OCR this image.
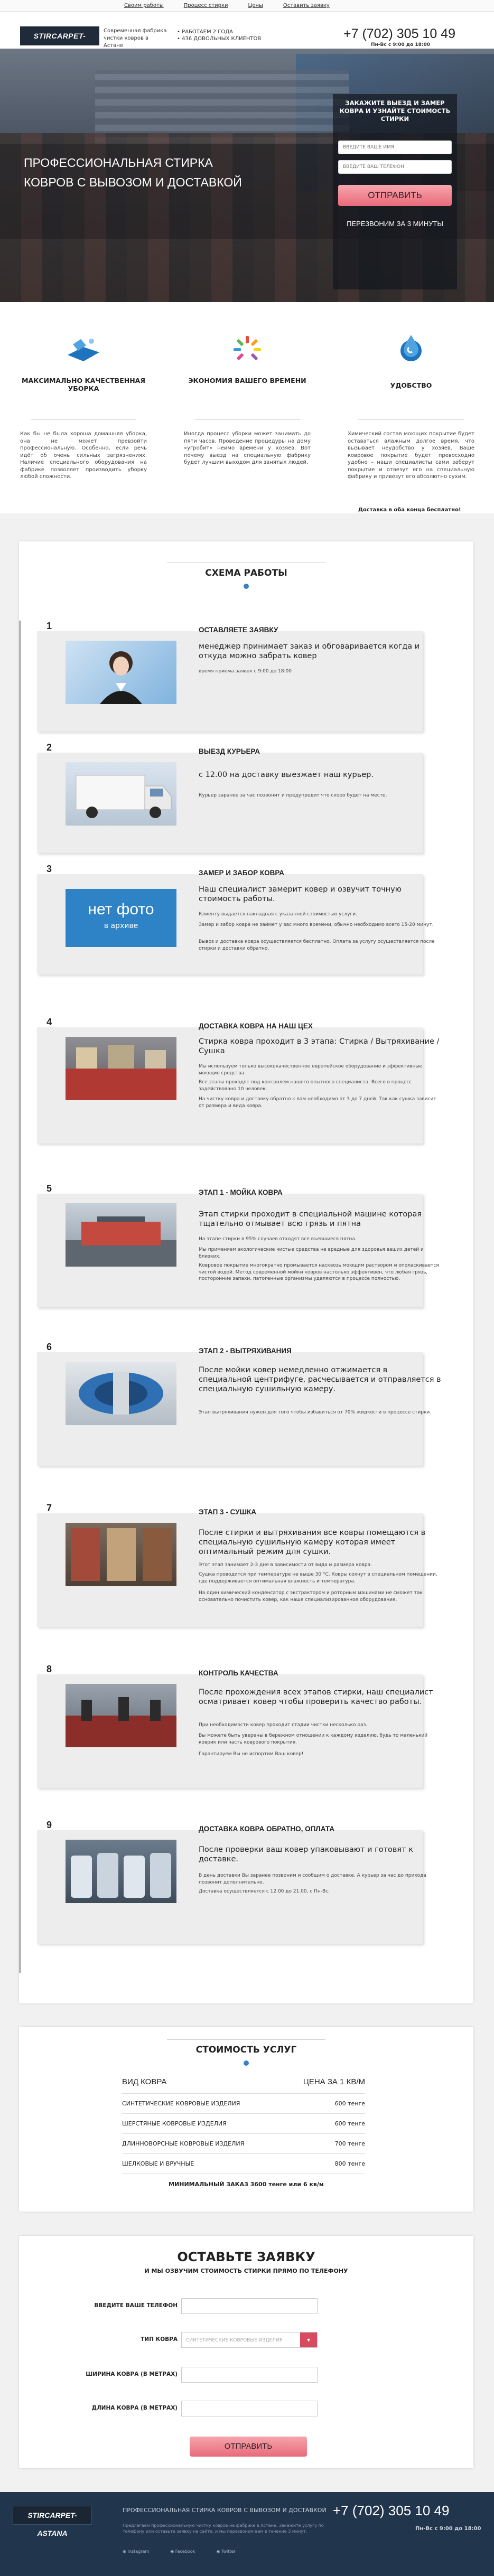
Своим работы	Процесс стирки	Цены	Оставить заявку
STIRCARPET-
Современная фабрика чистки ковров в Астане
• РАБОТАЕМ 2 ГОДА
• 436 ДОВОЛЬНЫХ КЛИЕНТОВ	+7 (702) 305 10 49
Пн-Вс с 9:00 до 18:00
ПРОФЕССИОНАЛЬНАЯ СТИРКА КОВРОВ С ВЫВОЗОМ И ДОСТАВКОЙ
ЗАКАЖИТЕ ВЫЕЗД И ЗАМЕР КОВРА И УЗНАЙТЕ СТОИМОСТЬ СТИРКИ
ВВЕДИТЕ ВАШЕ ИМЯ
ВВЕДИТЕ ВАШ ТЕЛЕФОН
ОТПРАВИТЬ
ПЕРЕЗВОНИМ ЗА 3 МИНУТЫ
МАКСИМАЛЬНО КАЧЕСТВЕННАЯ УБОРКА
Как бы не была хороша домашняя уборка, она не может превзойти профессиональную. Особенно, если речь идёт об очень сильных загрязнениях. Наличие специального оборудования на фабрике позволяет производить уборку любой сложности.
ЭКОНОМИЯ ВАШЕГО ВРЕМЕНИ
Иногда процесс уборки может занимать до пяти часов. Проведение процедуры на дому «угробит» неимо времени у хозяев. Вот почему выезд на специальную фабрику будет лучшим выходом для занятых людей.
УДОБСТВО
Химический состав моющих покрытие будет оставаться влажным долгое время, что вызывает неудобство у хозяев. Ваше ковровое покрытие будет превосходно удобно – наши специалисты сами заберут покрытие и отвезут его на специальную фабрику и привезут его абсолютно сухим.
Доставка в оба конца бесплатно!
СХЕМА РАБОТЫ
1	ОСТАВЛЯЕТЕ ЗАЯВКУ
менеджер принимает заказ и обговаривается когда и откуда можно забрать ковер
время приёма заявок с 9:00 до 18:00
2	ВЫЕЗД КУРЬЕРА
с 12.00 на доставку выезжает наш курьер.
Курьер заранее за час позвонит и предупредит что скоро будет на месте.
3
нет фото
в архиве
ЗАМЕР И ЗАБОР КОВРА
Наш специалист замерит ковер и озвучит точную стоимость работы.
Клиенту выдается накладная с указанной стоимостью услуги.
Замер и забор ковра не займет у вас много времени, обычно необходимо всего 15-20 минут.
Вывоз и доставка ковра осуществляется бесплатно. Оплата за услугу осуществляется после стирки и доставки обратно.
4	ДОСТАВКА КОВРА НА НАШ ЦЕХ
Стирка ковра проходит в 3 этапа: Стирка / Вытряхивание / Сушка
Мы используем только высококачественное европейское оборудование и эффективные моющие средства.
Все этапы проходят под контролем нашего опытного специалиста. Всего в процесс задействовано 10 человек.
На чистку ковра и доставку обратно к вам необходимо от 3 до 7 дней. Так как сушка зависит от размера и вида ковра.
5	ЭТАП 1 - МОЙКА КОВРА
Этап стирки проходит в специальной машине которая тщательно отмывает всю грязь и пятна
На этапе стирки в 95% случаев отходят все въевшиеся пятна.
Мы применяем экологические чистые средства не вредные для здоровья ваших детей и близких.
Ковровое покрытие многократно промывается насквозь моющим раствором и ополаскивается чистой водой. Метод современной мойки ковров настолько эффективен, что любая грязь, посторонние запахи, патогенные организмы удаляются в процессе полностью.
6	ЭТАП 2 - ВЫТРЯХИВАНИЯ
После мойки ковер немедленно отжимается в специальной центрифуге, расчесывается и отправляется в специальную сушильную камеру.
Этап вытряхивания нужен для того чтобы избавиться от 70% жидкости в процессе стирки.
7	ЭТАП 3 - СУШКА
После стирки и вытряхивания все ковры помещаются в специальную сушильную камеру которая имеет оптимальный режим для сушки.
Этот этап занимает 2-3 дня в зависимости от вида и размера ковра.
Сушка проводится при температуре не выше 30 °С. Ковры сохнут в специальном помещении, где поддерживается оптимальная влажность и температура.
На один химический конденсатор с экстрактором и роторным машинами не сможет так основательно почистить ковер, как наше специализированное оборудование.
8	КОНТРОЛЬ КАЧЕСТВА
После прохождения всех этапов стирки, наш специалист осматривает ковер чтобы проверить качество работы.
При необходимости ковер проходит стадии чистки несколько раз.
Вы можете быть уверены в бережном отношении к каждому изделию, будь то маленький коврик или часть коврового покрытия.
Гарантируем Вы не испортим Ваш ковер!
9	ДОСТАВКА КОВРА ОБРАТНО, ОПЛАТА
После проверки ваш ковер упаковывают и готовят к доставке.
В день доставки Вы заранее позвоним и сообщим о доставке. А курьер за час до прихода позвонит дополнительно.
Доставка осуществляется с 12.00 до 21.00, с Пн-Вс.
СТОИМОСТЬ УСЛУГ
ВИД КОВРА	ЦЕНА ЗА 1 КВ/М
СИНТЕТИЧЕСКИЕ КОВРОВЫЕ ИЗДЕЛИЯ	600 тенге
ШЕРСТЯНЫЕ КОВРОВЫЕ ИЗДЕЛИЯ	600 тенге
ДЛИННОВОРСНЫЕ КОВРОВЫЕ ИЗДЕЛИЯ	700 тенге
ШЕЛКОВЫЕ И ВРУЧНЫЕ	800 тенге
МИНИМАЛЬНЫЙ ЗАКАЗ 3600 тенге или 6 кв/м
ОСТАВЬТЕ ЗАЯВКУ
И МЫ ОЗВУЧИМ СТОИМОСТЬ СТИРКИ ПРЯМО ПО ТЕЛЕФОНУ
ВВЕДИТЕ ВАШЕ ТЕЛЕФОН
ТИП КОВРА	СИНТЕТИЧЕСКИЕ КОВРОВЫЕ ИЗДЕЛИЯ	▾
ШИРИНА КОВРА (В МЕТРАХ)
ДЛИНА КОВРА (В МЕТРАХ)
ОТПРАВИТЬ
STIRCARPET-ASTANA
ПРОФЕССИОНАЛЬНАЯ СТИРКА КОВРОВ С ВЫВОЗОМ И ДОСТАВКОЙ +7 (702) 305 10 49
Пн-Вс с 9:00 до 18:00
Предлагаем профессиональную чистку ковров на фабрике в Астане. Закажите услугу по телефону или оставьте заявку на сайте, и мы перезвоним вам в течение 3 минут.
◉ Instagram	◉ Facebook	◉ Twitter
